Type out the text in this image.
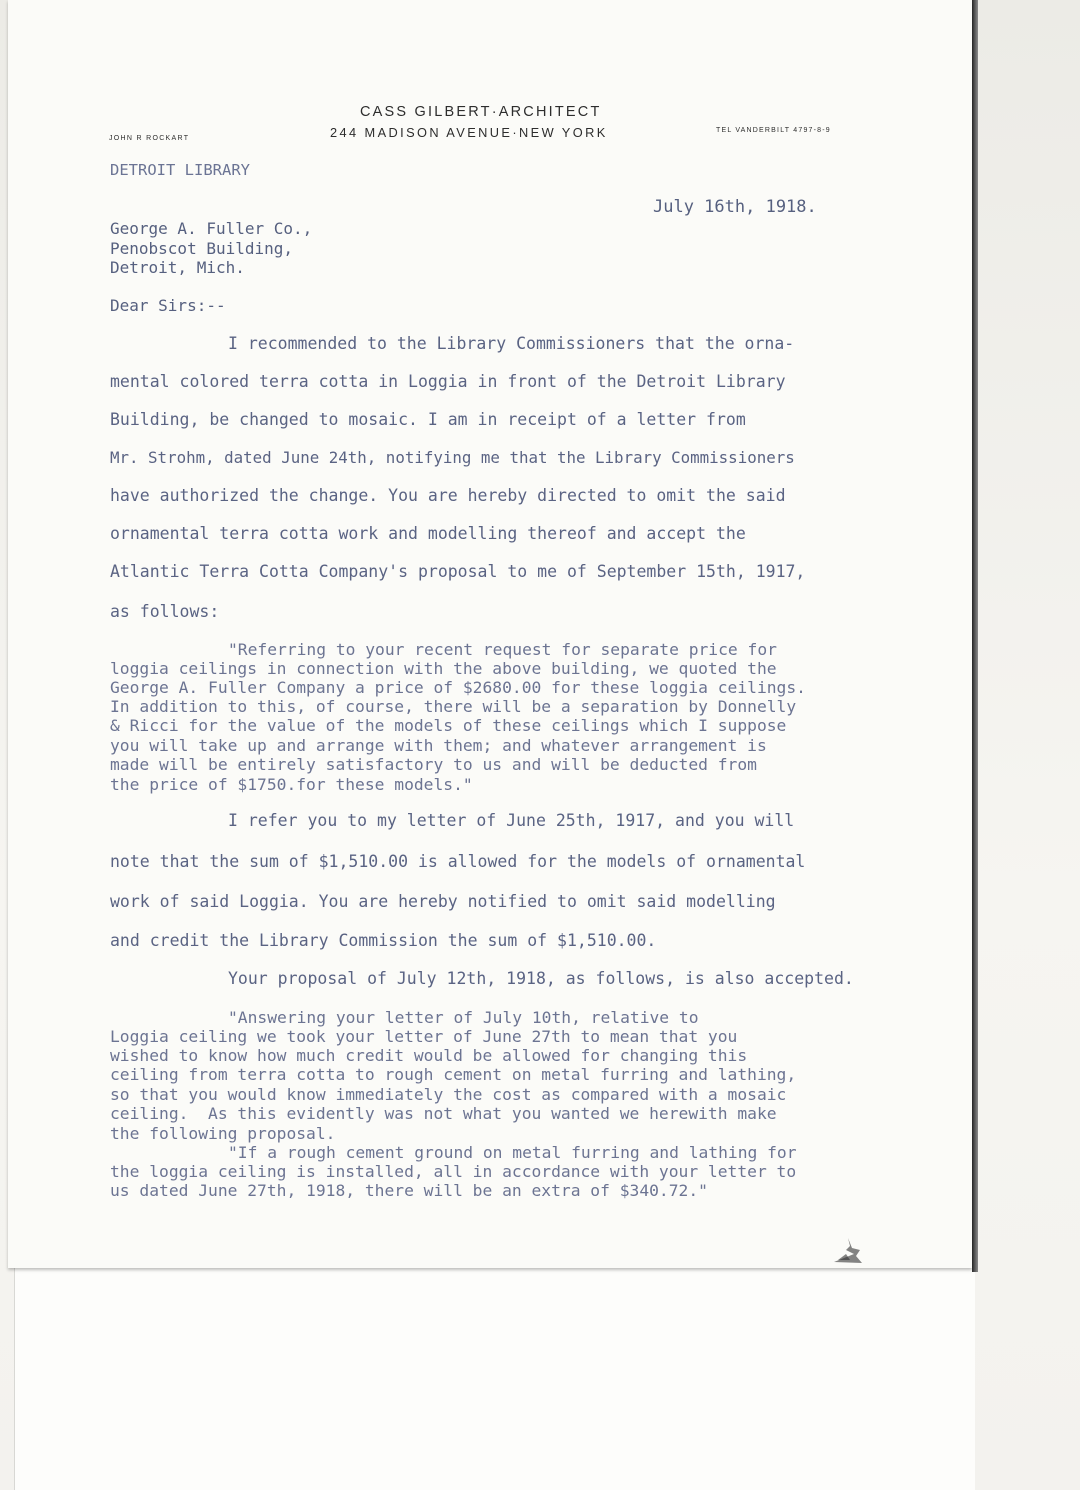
CASS GILBERT·ARCHITECT
244 MADISON AVENUE·NEW YORK
JOHN R ROCKART
TEL VANDERBILT 4797-8-9
DETROIT LIBRARY
July 16th, 1918.
George A. Fuller Co.,
Penobscot Building,
Detroit, Mich.
Dear Sirs:--
I recommended to the Library Commissioners that the orna-
mental colored terra cotta in Loggia in front of the Detroit Library
Building, be changed to mosaic. I am in receipt of a letter from
Mr. Strohm, dated June 24th, notifying me that the Library Commissioners
have authorized the change. You are hereby directed to omit the said
ornamental terra cotta work and modelling thereof and accept the
Atlantic Terra Cotta Company's proposal to me of September 15th, 1917,
as follows:
"Referring to your recent request for separate price for
loggia ceilings in connection with the above building, we quoted the
George A. Fuller Company a price of $2680.00 for these loggia ceilings.
In addition to this, of course, there will be a separation by Donnelly
& Ricci for the value of the models of these ceilings which I suppose
you will take up and arrange with them; and whatever arrangement is
made will be entirely satisfactory to us and will be deducted from
the price of $1750.for these models."
I refer you to my letter of June 25th, 1917, and you will
note that the sum of $1,510.00 is allowed for the models of ornamental
work of said Loggia. You are hereby notified to omit said modelling
and credit the Library Commission the sum of $1,510.00.
Your proposal of July 12th, 1918, as follows, is also accepted.
"Answering your letter of July 10th, relative to
Loggia ceiling we took your letter of June 27th to mean that you
wished to know how much credit would be allowed for changing this
ceiling from terra cotta to rough cement on metal furring and lathing,
so that you would know immediately the cost as compared with a mosaic
ceiling.  As this evidently was not what you wanted we herewith make
the following proposal.
"If a rough cement ground on metal furring and lathing for
the loggia ceiling is installed, all in accordance with your letter to
us dated June 27th, 1918, there will be an extra of $340.72."
